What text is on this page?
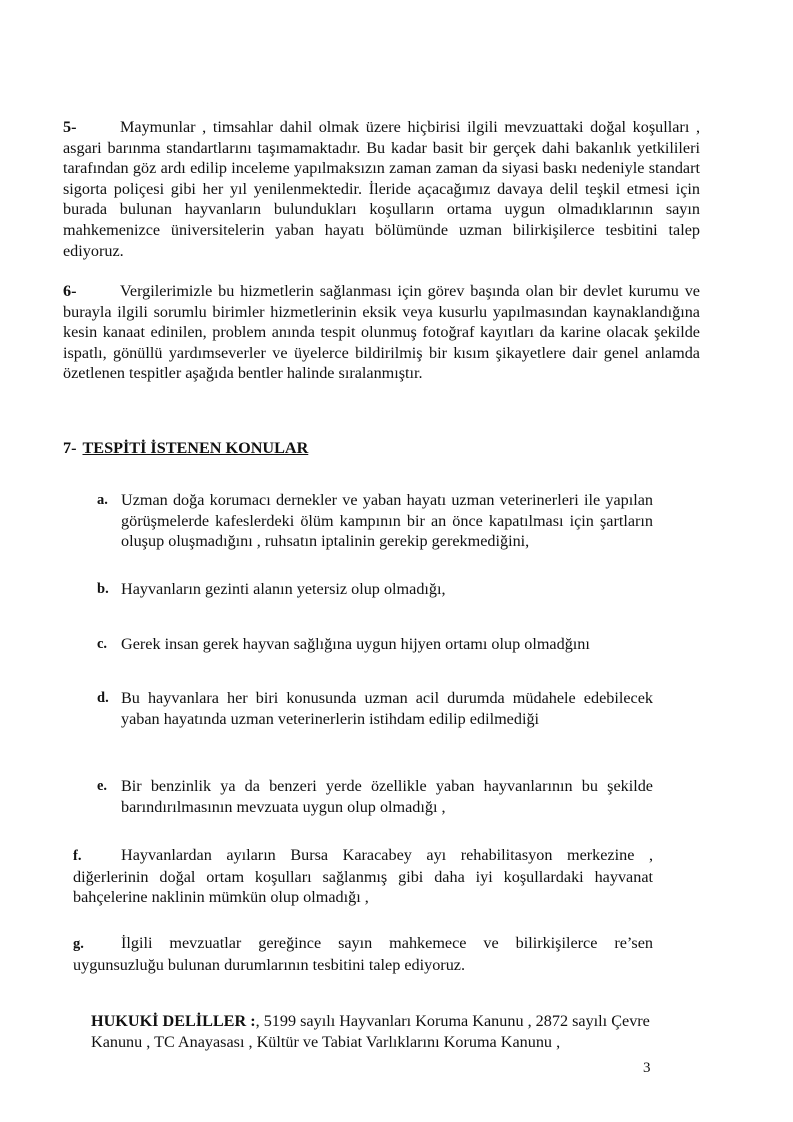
5-	Maymunlar , timsahlar dahil olmak üzere hiçbirisi ilgili mevzuattaki doğal koşulları , asgari barınma standartlarını taşımamaktadır. Bu kadar basit bir gerçek dahi bakanlık yetkilileri tarafından göz ardı edilip inceleme yapılmaksızın zaman zaman da siyasi baskı nedeniyle standart sigorta poliçesi gibi her yıl yenilenmektedir. İleride açacağımız davaya delil teşkil etmesi için burada bulunan hayvanların bulundukları koşulların ortama uygun olmadıklarının sayın mahkemenizce üniversitelerin yaban hayatı bölümünde uzman bilirkişilerce tesbitini talep ediyoruz.

6-	Vergilerimizle bu hizmetlerin sağlanması için görev başında olan bir devlet kurumu ve burayla ilgili sorumlu birimler hizmetlerinin eksik veya kusurlu yapılmasından kaynaklandığına kesin kanaat edinilen, problem anında tespit olunmuş fotoğraf kayıtları da karine olacak şekilde ispatlı, gönüllü yardımseverler ve üyelerce bildirilmiş bir kısım şikayetlere dair genel anlamda özetlenen tespitler aşağıda bentler halinde sıralanmıştır.

7- TESPİTİ İSTENEN KONULAR

a. Uzman doğa korumacı dernekler ve yaban hayatı uzman veterinerleri ile yapılan görüşmelerde kafeslerdeki ölüm kampının bir an önce kapatılması için şartların oluşup oluşmadığını , ruhsatın iptalinin gerekip gerekmediğini,
b. Hayvanların gezinti alanın yetersiz olup olmadığı,
c. Gerek insan gerek hayvan sağlığına uygun hijyen ortamı olup olmadğını
d. Bu hayvanlara her biri konusunda uzman acil durumda müdahele edebilecek yaban hayatında uzman veterinerlerin istihdam edilip edilmediği
e. Bir benzinlik ya da benzeri yerde özellikle yaban hayvanlarının bu şekilde barındırılmasının mevzuata uygun olup olmadığı ,

f. Hayvanlardan ayıların Bursa Karacabey ayı rehabilitasyon merkezine , diğerlerinin doğal ortam koşulları sağlanmış gibi daha iyi koşullardaki hayvanat bahçelerine naklinin mümkün olup olmadığı ,

g. İlgili mevzuatlar gereğince sayın mahkemece ve bilirkişilerce re’sen uygunsuzluğu bulunan durumlarının tesbitini talep ediyoruz.

HUKUKİ DELİLLER :, 5199 sayılı Hayvanları Koruma Kanunu , 2872 sayılı Çevre Kanunu , TC Anayasası , Kültür ve Tabiat Varlıklarını Koruma Kanunu ,

3
